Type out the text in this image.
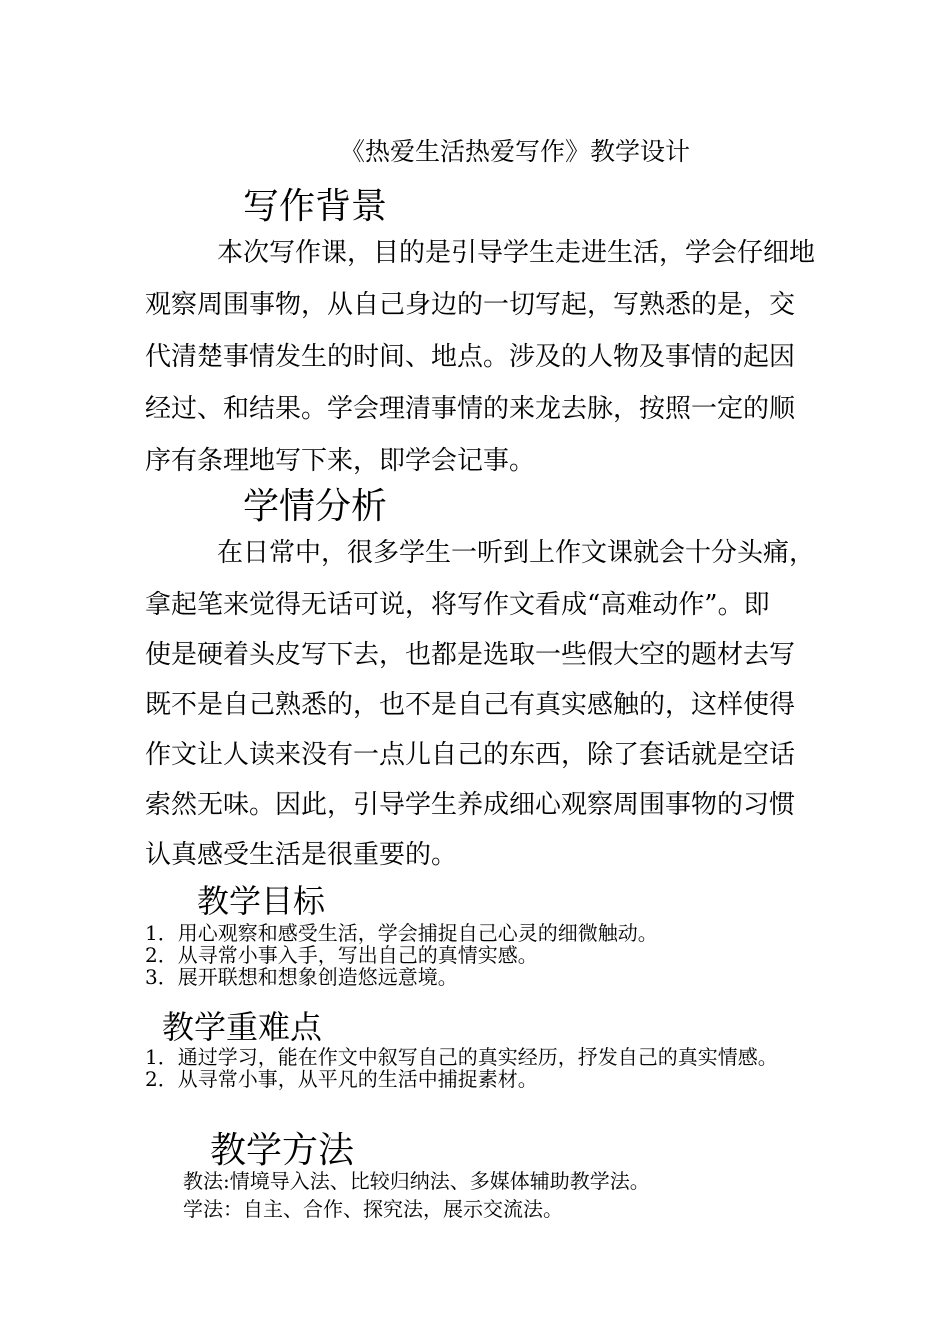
《热爱生活热爱写作》教学设计
写作背景
本次写作课，目的是引导学生走进生活，学会仔细地
观察周围事物，从自己身边的一切写起，写熟悉的是，交
代清楚事情发生的时间、地点。涉及的人物及事情的起因
经过、和结果。学会理清事情的来龙去脉，按照一定的顺
序有条理地写下来，即学会记事。
学情分析
在日常中，很多学生一听到上作文课就会十分头痛，
拿起笔来觉得无话可说，将写作文看成“高难动作”。即
使是硬着头皮写下去，也都是选取一些假大空的题材去写
既不是自己熟悉的，也不是自己有真实感触的，这样使得
作文让人读来没有一点儿自己的东西，除了套话就是空话
索然无味。因此，引导学生养成细心观察周围事物的习惯
认真感受生活是很重要的。
教学目标
1．用心观察和感受生活，学会捕捉自己心灵的细微触动。
2．从寻常小事入手，写出自己的真情实感。
3．展开联想和想象创造悠远意境。
教学重难点
1．通过学习，能在作文中叙写自己的真实经历，抒发自己的真实情感。
2．从寻常小事，从平凡的生活中捕捉素材。
教学方法
教法:情境导入法、比较归纳法、多媒体辅助教学法。
学法：自主、合作、探究法，展示交流法。
